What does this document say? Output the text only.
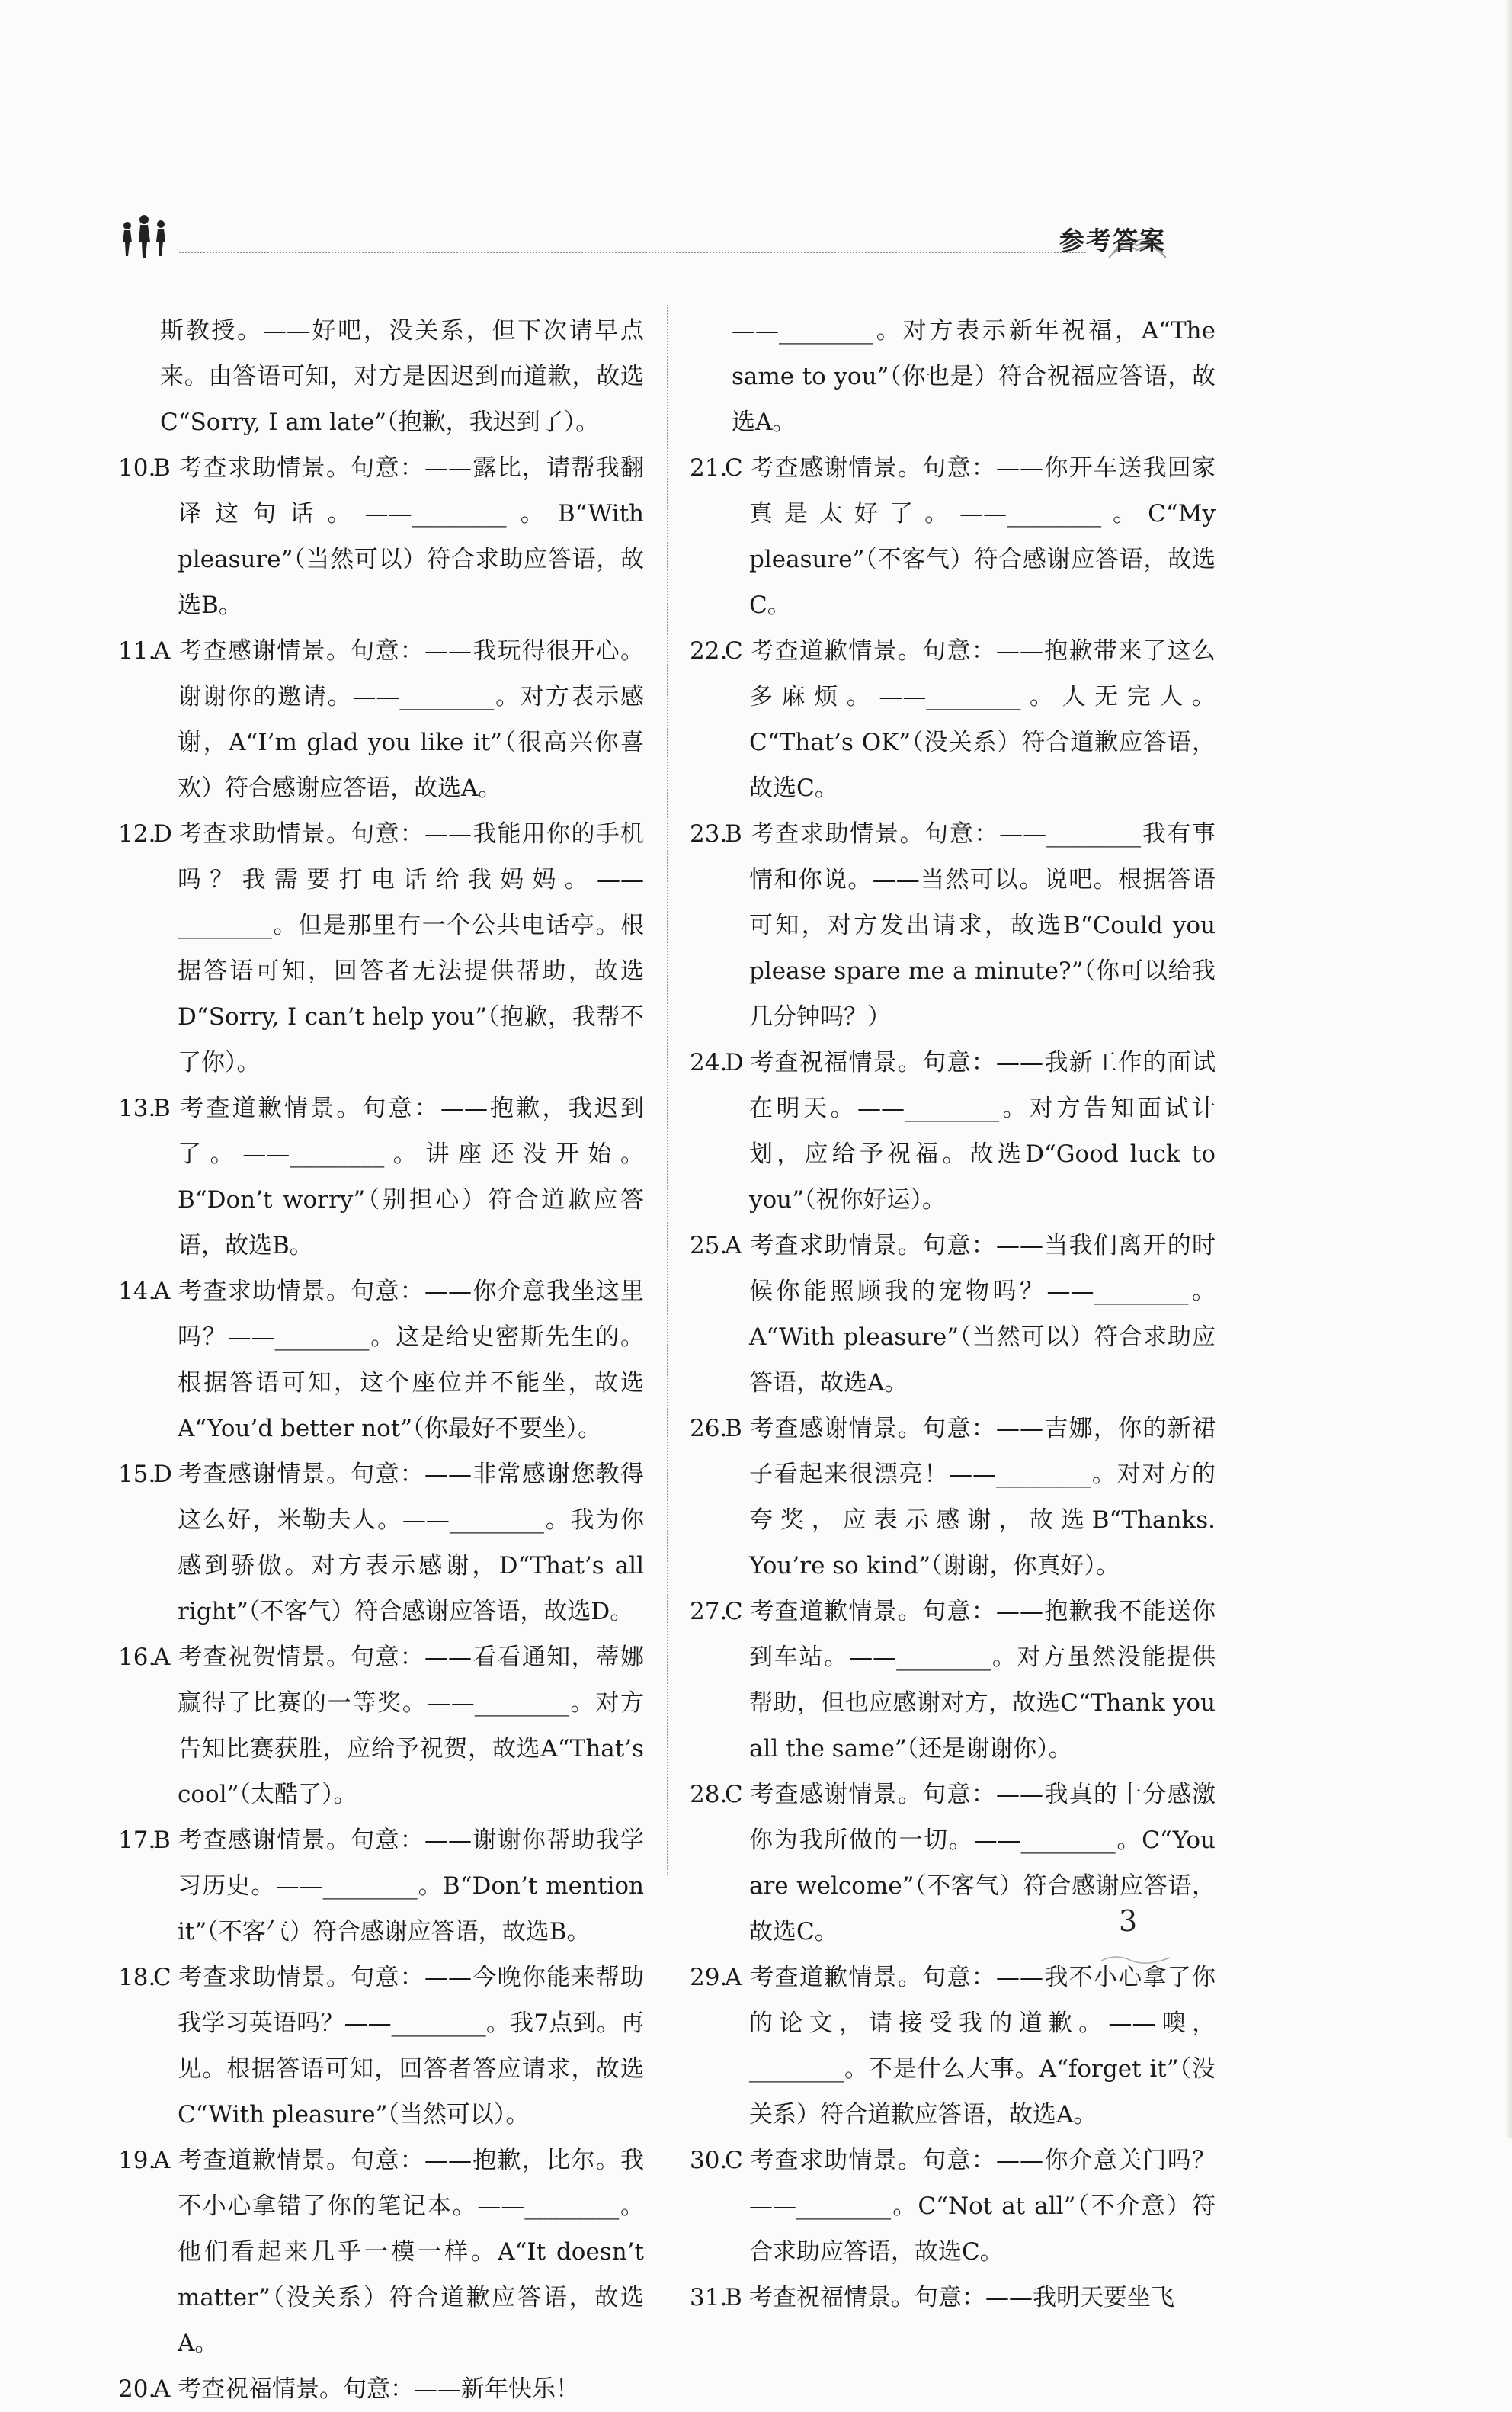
参考答案
斯教授。——好吧，没关系，但下次请早点来。由答语可知，对方是因迟到而道歉，故选C“Sorry, I am late”（抱歉，我迟到了）。
10.B 考查求助情景。句意：——露比，请帮我翻译这句话。——________。B“With pleasure”（当然可以）符合求助应答语，故选B。
11.A 考查感谢情景。句意：——我玩得很开心。谢谢你的邀请。——________。对方表示感谢，A“I’m glad you like it”（很高兴你喜欢）符合感谢应答语，故选A。
12.D 考查求助情景。句意：——我能用你的手机吗？我需要打电话给我妈妈。——________。但是那里有一个公共电话亭。根据答语可知，回答者无法提供帮助，故选D“Sorry, I can’t help you”（抱歉，我帮不了你）。
13.B 考查道歉情景。句意：——抱歉，我迟到了。——________。讲座还没开始。B“Don’t worry”（别担心）符合道歉应答语，故选B。
14.A 考查求助情景。句意：——你介意我坐这里吗？——________。这是给史密斯先生的。根据答语可知，这个座位并不能坐，故选A“You’d better not”（你最好不要坐）。
15.D 考查感谢情景。句意：——非常感谢您教得这么好，米勒夫人。——________。我为你感到骄傲。对方表示感谢，D“That’s all right”（不客气）符合感谢应答语，故选D。
16.A 考查祝贺情景。句意：——看看通知，蒂娜赢得了比赛的一等奖。——________。对方告知比赛获胜，应给予祝贺，故选A“That’s cool”（太酷了）。
17.B 考查感谢情景。句意：——谢谢你帮助我学习历史。——________。B“Don’t mention it”（不客气）符合感谢应答语，故选B。
18.C 考查求助情景。句意：——今晚你能来帮助我学习英语吗？——________。我7点到。再见。根据答语可知，回答者答应请求，故选C“With pleasure”（当然可以）。
19.A 考查道歉情景。句意：——抱歉，比尔。我不小心拿错了你的笔记本。——________。他们看起来几乎一模一样。A“It doesn’t matter”（没关系）符合道歉应答语，故选A。
20.A 考查祝福情景。句意：——新年快乐！
——________。对方表示新年祝福，A“The same to you”（你也是）符合祝福应答语，故选A。
21.C 考查感谢情景。句意：——你开车送我回家真是太好了。——________。C“My pleasure”（不客气）符合感谢应答语，故选C。
22.C 考查道歉情景。句意：——抱歉带来了这么多麻烦。——________。人无完人。C“That’s OK”（没关系）符合道歉应答语，故选C。
23.B 考查求助情景。句意：——________我有事情和你说。——当然可以。说吧。根据答语可知，对方发出请求，故选B“Could you please spare me a minute?”（你可以给我几分钟吗？）
24.D 考查祝福情景。句意：——我新工作的面试在明天。——________。对方告知面试计划，应给予祝福。故选D“Good luck to you”（祝你好运）。
25.A 考查求助情景。句意：——当我们离开的时候你能照顾我的宠物吗？——________。A“With pleasure”（当然可以）符合求助应答语，故选A。
26.B 考查感谢情景。句意：——吉娜，你的新裙子看起来很漂亮！——________。对对方的夸奖，应表示感谢，故选B“Thanks. You’re so kind”（谢谢，你真好）。
27.C 考查道歉情景。句意：——抱歉我不能送你到车站。——________。对方虽然没能提供帮助，但也应感谢对方，故选C“Thank you all the same”（还是谢谢你）。
28.C 考查感谢情景。句意：——我真的十分感激你为我所做的一切。——________。C“You are welcome”（不客气）符合感谢应答语，故选C。
29.A 考查道歉情景。句意：——我不小心拿了你的论文，请接受我的道歉。——噢，________。不是什么大事。A“forget it”（没关系）符合道歉应答语，故选A。
30.C 考查求助情景。句意：——你介意关门吗？——________。C“Not at all”（不介意）符合求助应答语，故选C。
31.B 考查祝福情景。句意：——我明天要坐飞
3
